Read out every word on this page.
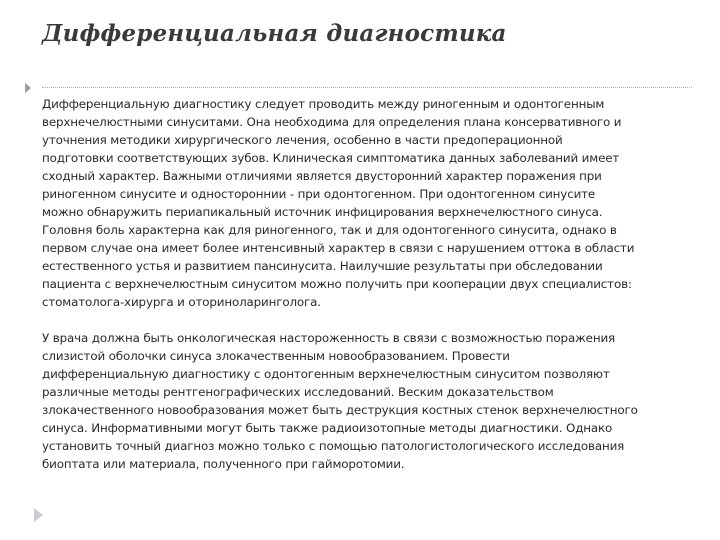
Дифференциальная диагностика
Дифференциальную диагностику следует проводить между риногенным и одонтогенным
верхнечелюстными синуситами. Она необходима для определения плана консервативного и
уточнения методики хирургического лечения, особенно в части предоперационной
подготовки соответствующих зубов. Клиническая симптоматика данных заболеваний имеет
сходный характер. Важными отличиями является двусторонний характер поражения при
риногенном синусите и одностороннии - при одонтогенном. При одонтогенном синусите
можно обнаружить периапикальный источник инфицирования верхнечелюстного синуса.
Головня боль характерна как для риногенного, так и для одонтогенного синусита, однако в
первом случае она имеет более интенсивный характер в связи с нарушением оттока в области
естественного устья и развитием пансинусита. Наилучшие результаты при обследовании
пациента с верхнечелюстным синуситом можно получить при кооперации двух специалистов:
стоматолога-хирурга и оториноларинголога.
У врача должна быть онкологическая настороженность в связи с возможностью поражения
слизистой оболочки синуса злокачественным новообразованием. Провести
дифференциальную диагностику с одонтогенным верхнечелюстным синуситом позволяют
различные методы рентгенографических исследований. Веским доказательством
злокачественного новообразования может быть деструкция костных стенок верхнечелюстного
синуса. Информативными могут быть также радиоизотопные методы диагностики. Однако
установить точный диагноз можно только с помощью патологистологического исследования
биоптата или материала, полученного при гайморотомии.
